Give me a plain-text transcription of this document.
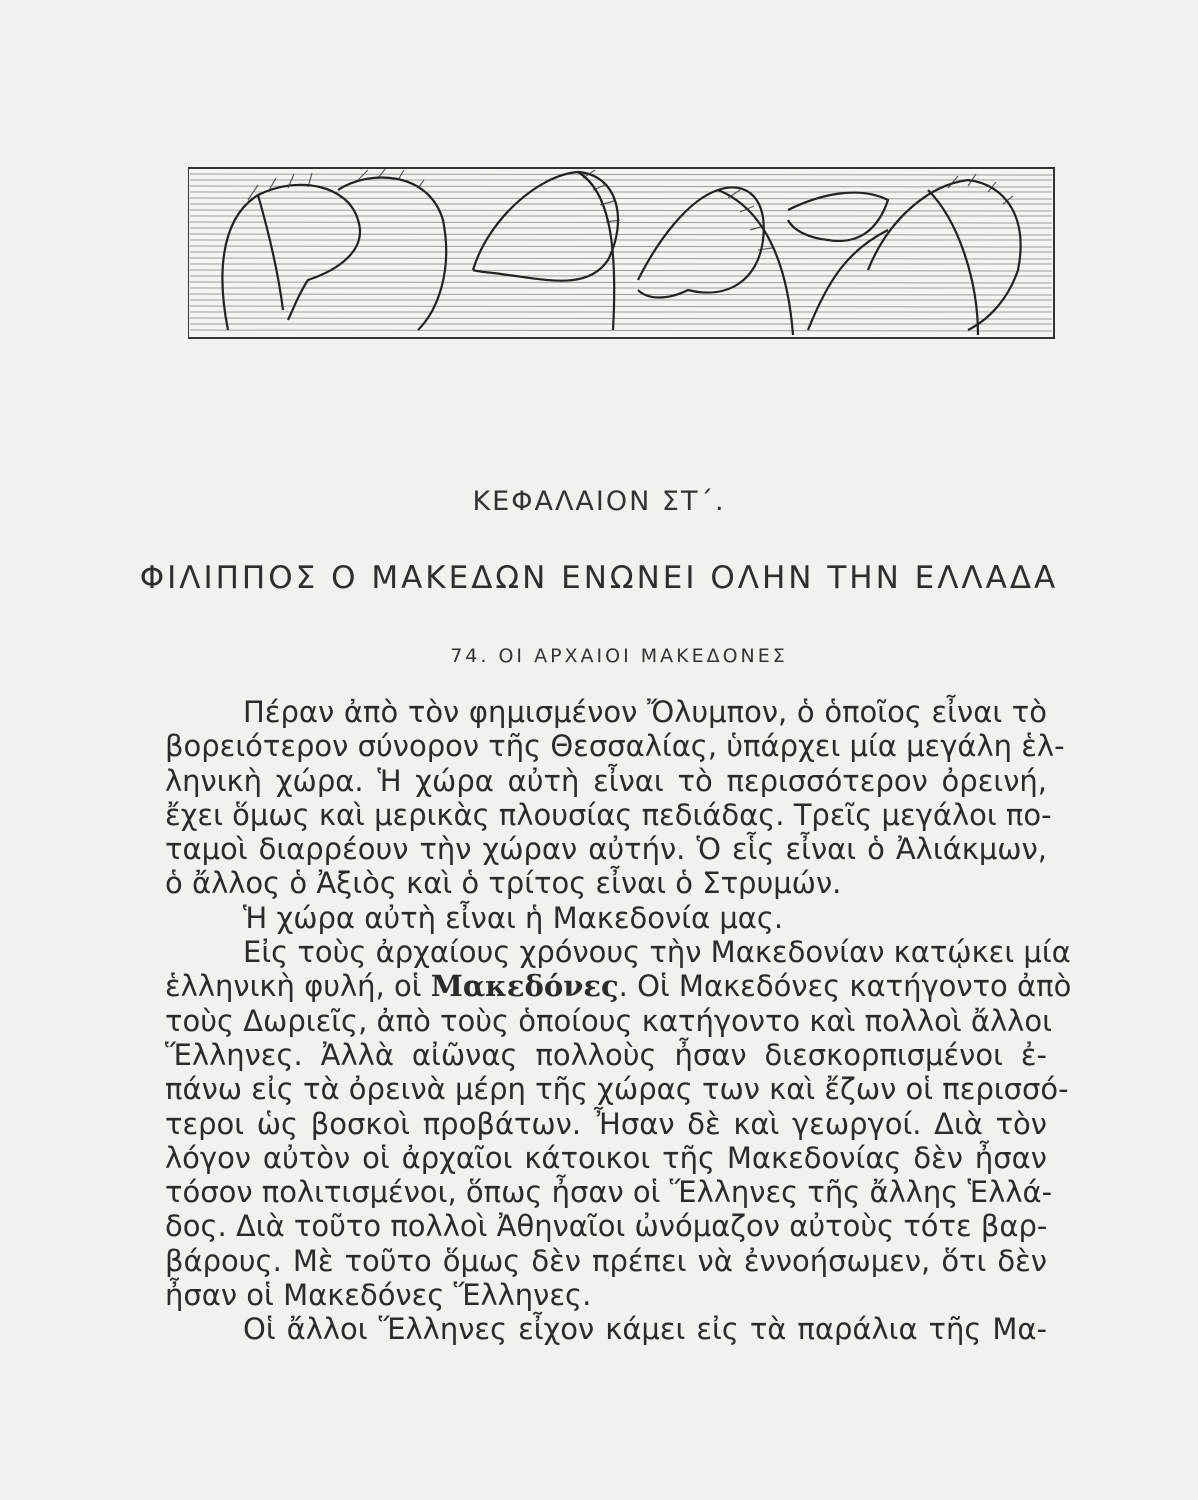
ΚΕΦΑΛΑΙΟΝ ΣΤ΄.
ΦΙΛΙΠΠΟΣ Ο ΜΑΚΕΔΩΝ ΕΝΩΝΕΙ ΟΛΗΝ ΤΗΝ ΕΛΛΑΔΑ
74. ΟΙ ΑΡΧΑΙΟΙ ΜΑΚΕΔΟΝΕΣ
Πέραν ἀπὸ τὸν φημισμένον Ὄλυμπον, ὁ ὁποῖος εἶναι τὸ
βορειότερον σύνορον τῆς Θεσσαλίας, ὑπάρχει μία μεγάλη ἑλ-
ληνικὴ χώρα. Ἡ χώρα αὐτὴ εἶναι τὸ περισσότερον ὀρεινή,
ἔχει ὅμως καὶ μερικὰς πλουσίας πεδιάδας. Τρεῖς μεγάλοι πο-
ταμοὶ διαρρέουν τὴν χώραν αὐτήν. Ὁ εἷς εἶναι ὁ Ἀλιάκμων,
ὁ ἄλλος ὁ Ἀξιὸς καὶ ὁ τρίτος εἶναι ὁ Στρυμών.
Ἡ χώρα αὐτὴ εἶναι ἡ Μακεδονία μας.
Εἰς τοὺς ἀρχαίους χρόνους τὴν Μακεδονίαν κατῴκει μία
ἑλληνικὴ φυλή, οἱ Μακεδόνες. Οἱ Μακεδόνες κατήγοντο ἀπὸ
τοὺς Δωριεῖς, ἀπὸ τοὺς ὁποίους κατήγοντο καὶ πολλοὶ ἄλλοι
Ἕλληνες. Ἀλλὰ αἰῶνας πολλοὺς ἦσαν διεσκορπισμένοι ἐ-
πάνω εἰς τὰ ὀρεινὰ μέρη τῆς χώρας των καὶ ἔζων οἱ περισσό-
τεροι ὡς βοσκοὶ προβάτων. Ἦσαν δὲ καὶ γεωργοί. Διὰ τὸν
λόγον αὐτὸν οἱ ἀρχαῖοι κάτοικοι τῆς Μακεδονίας δὲν ἦσαν
τόσον πολιτισμένοι, ὅπως ἦσαν οἱ Ἕλληνες τῆς ἄλλης Ἑλλά-
δος. Διὰ τοῦτο πολλοὶ Ἀθηναῖοι ὠνόμαζον αὐτοὺς τότε βαρ-
βάρους. Μὲ τοῦτο ὅμως δὲν πρέπει νὰ ἐννοήσωμεν, ὅτι δὲν
ἦσαν οἱ Μακεδόνες Ἕλληνες.
Οἱ ἄλλοι Ἕλληνες εἶχον κάμει εἰς τὰ παράλια τῆς Μα-
